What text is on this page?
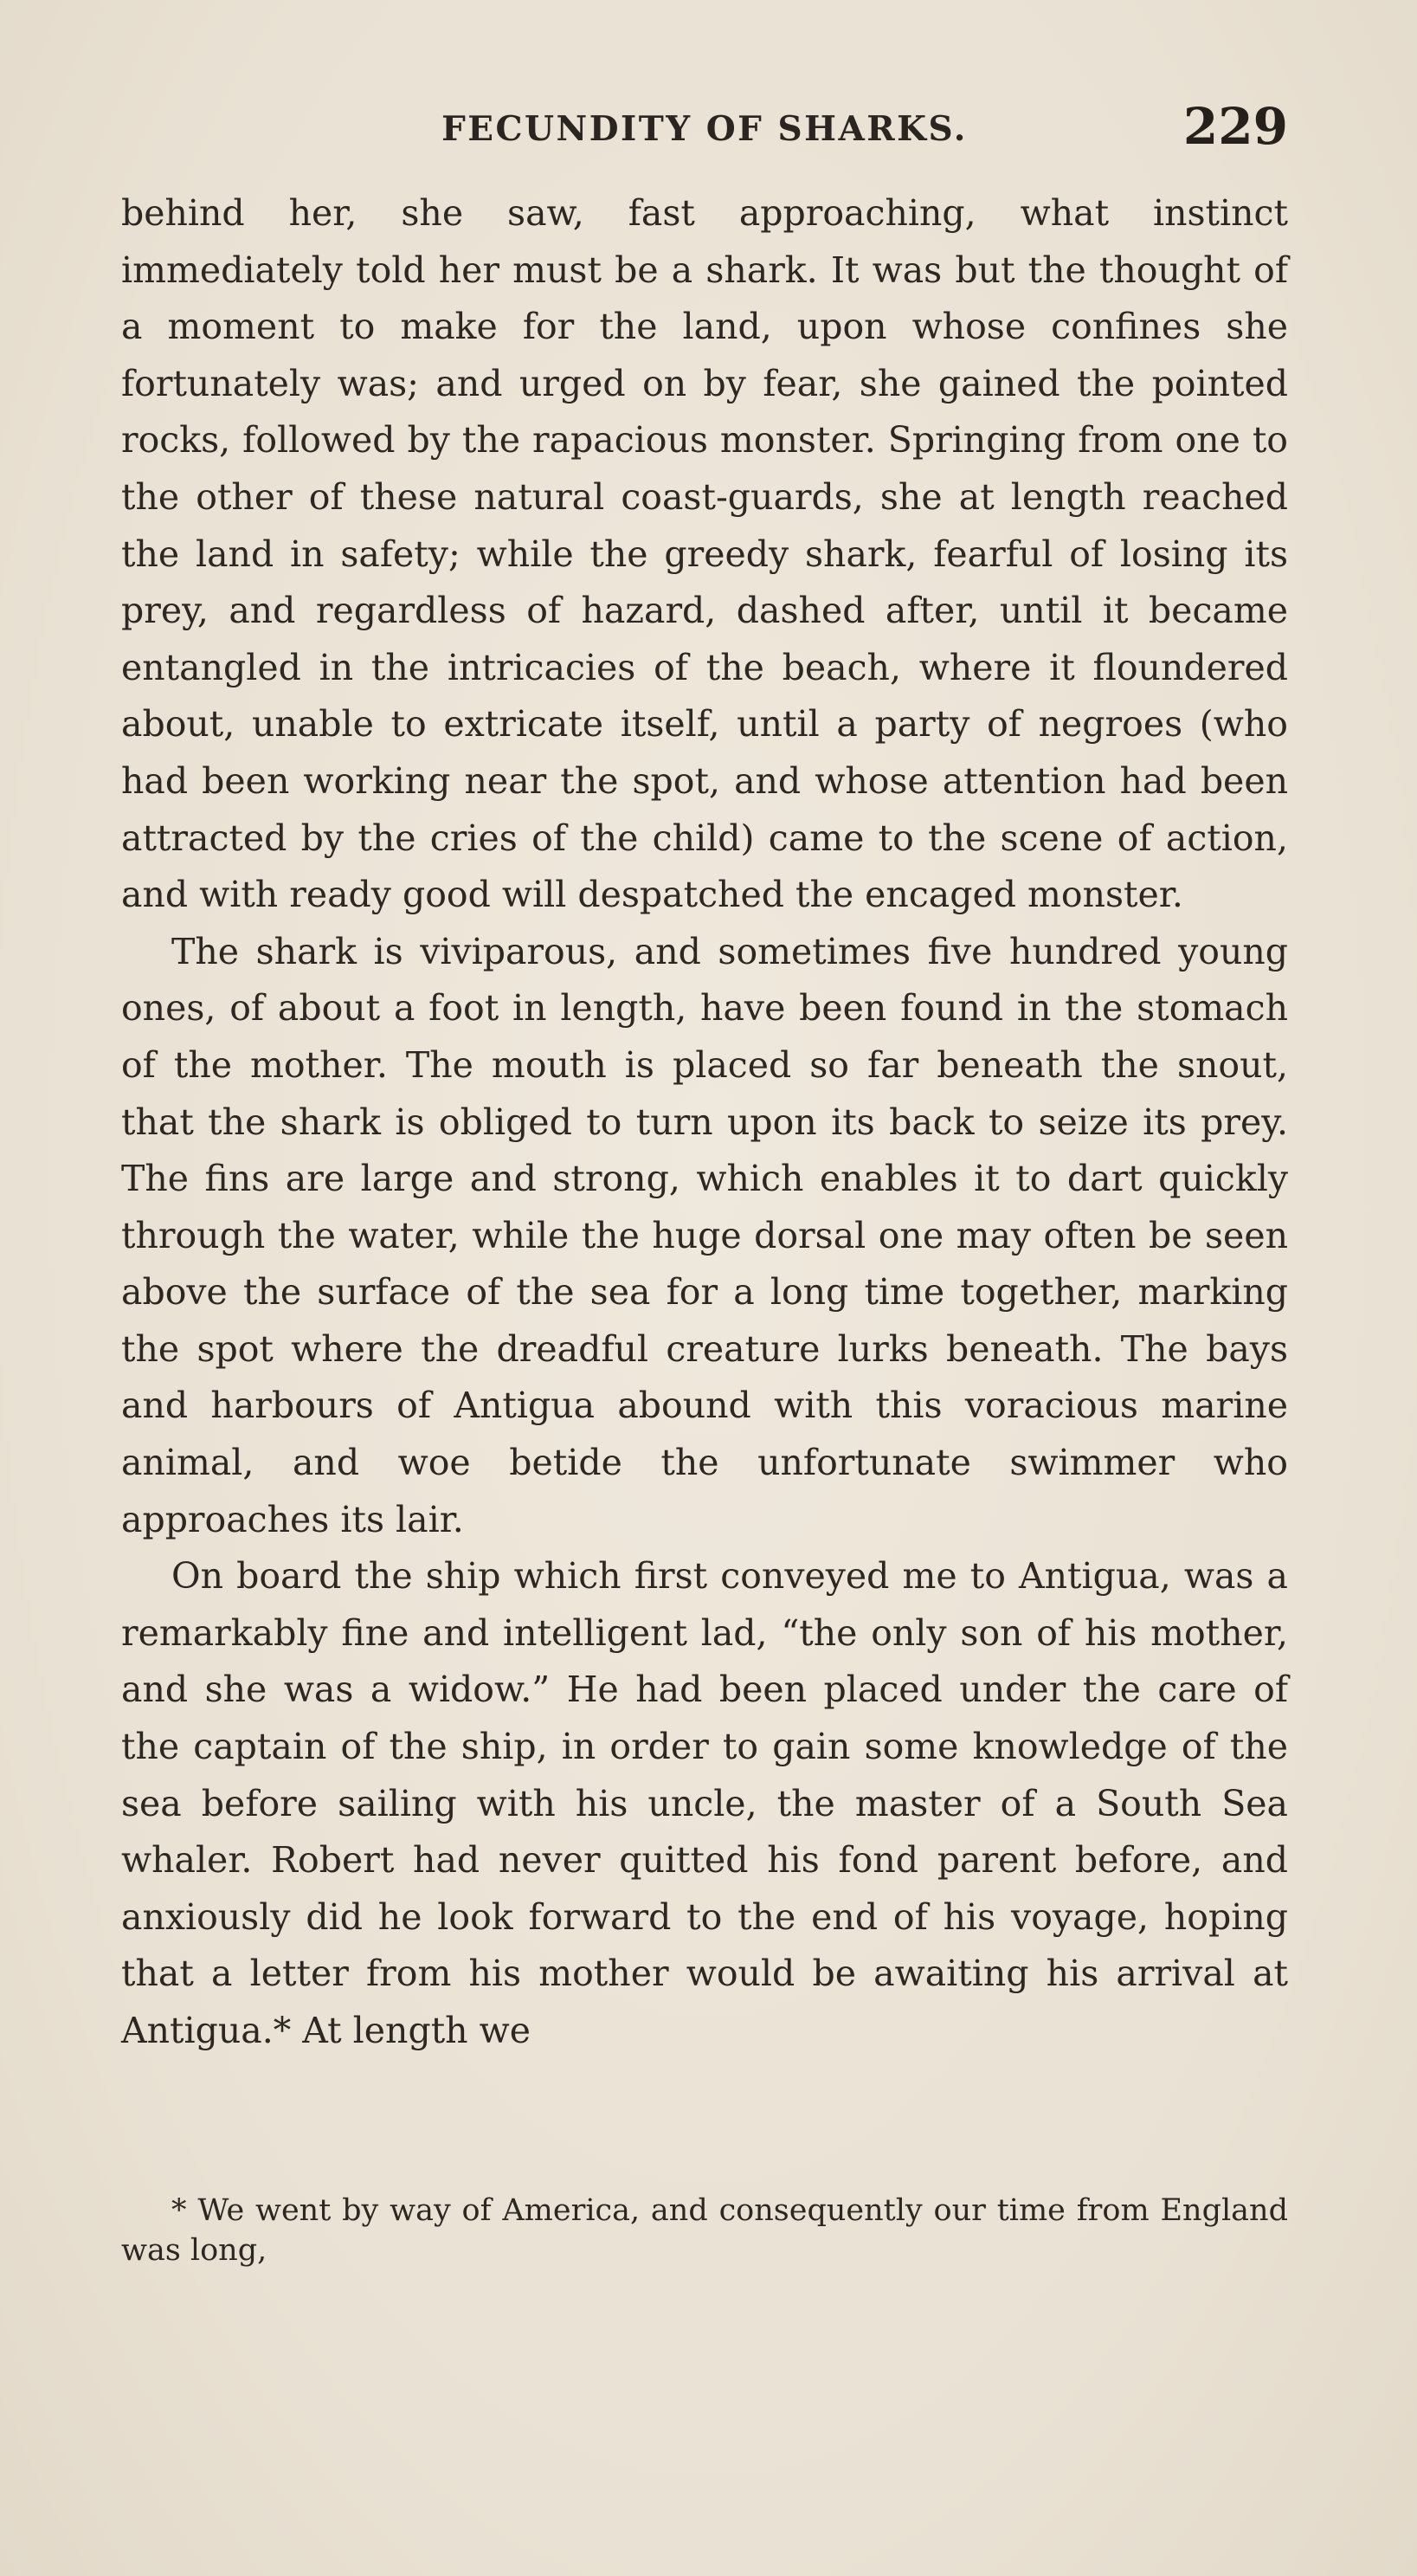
FECUNDITY OF SHARKS.	229

behind her, she saw, fast approaching, what instinct immediately told her must be a shark. It was but the thought of a moment to make for the land, upon whose confines she fortunately was; and urged on by fear, she gained the pointed rocks, followed by the rapacious monster. Springing from one to the other of these natural coast-guards, she at length reached the land in safety; while the greedy shark, fearful of losing its prey, and regardless of hazard, dashed after, until it became entangled in the intricacies of the beach, where it floundered about, unable to extricate itself, until a party of negroes (who had been working near the spot, and whose attention had been attracted by the cries of the child) came to the scene of action, and with ready good will despatched the encaged monster.

The shark is viviparous, and sometimes five hundred young ones, of about a foot in length, have been found in the stomach of the mother. The mouth is placed so far beneath the snout, that the shark is obliged to turn upon its back to seize its prey. The fins are large and strong, which enables it to dart quickly through the water, while the huge dorsal one may often be seen above the surface of the sea for a long time together, marking the spot where the dreadful creature lurks beneath. The bays and harbours of Antigua abound with this voracious marine animal, and woe betide the unfortunate swimmer who approaches its lair.

On board the ship which first conveyed me to Antigua, was a remarkably fine and intelligent lad, “the only son of his mother, and she was a widow.” He had been placed under the care of the captain of the ship, in order to gain some knowledge of the sea before sailing with his uncle, the master of a South Sea whaler. Robert had never quitted his fond parent before, and anxiously did he look forward to the end of his voyage, hoping that a letter from his mother would be awaiting his arrival at Antigua.* At length we

* We went by way of America, and consequently our time from England was long,
